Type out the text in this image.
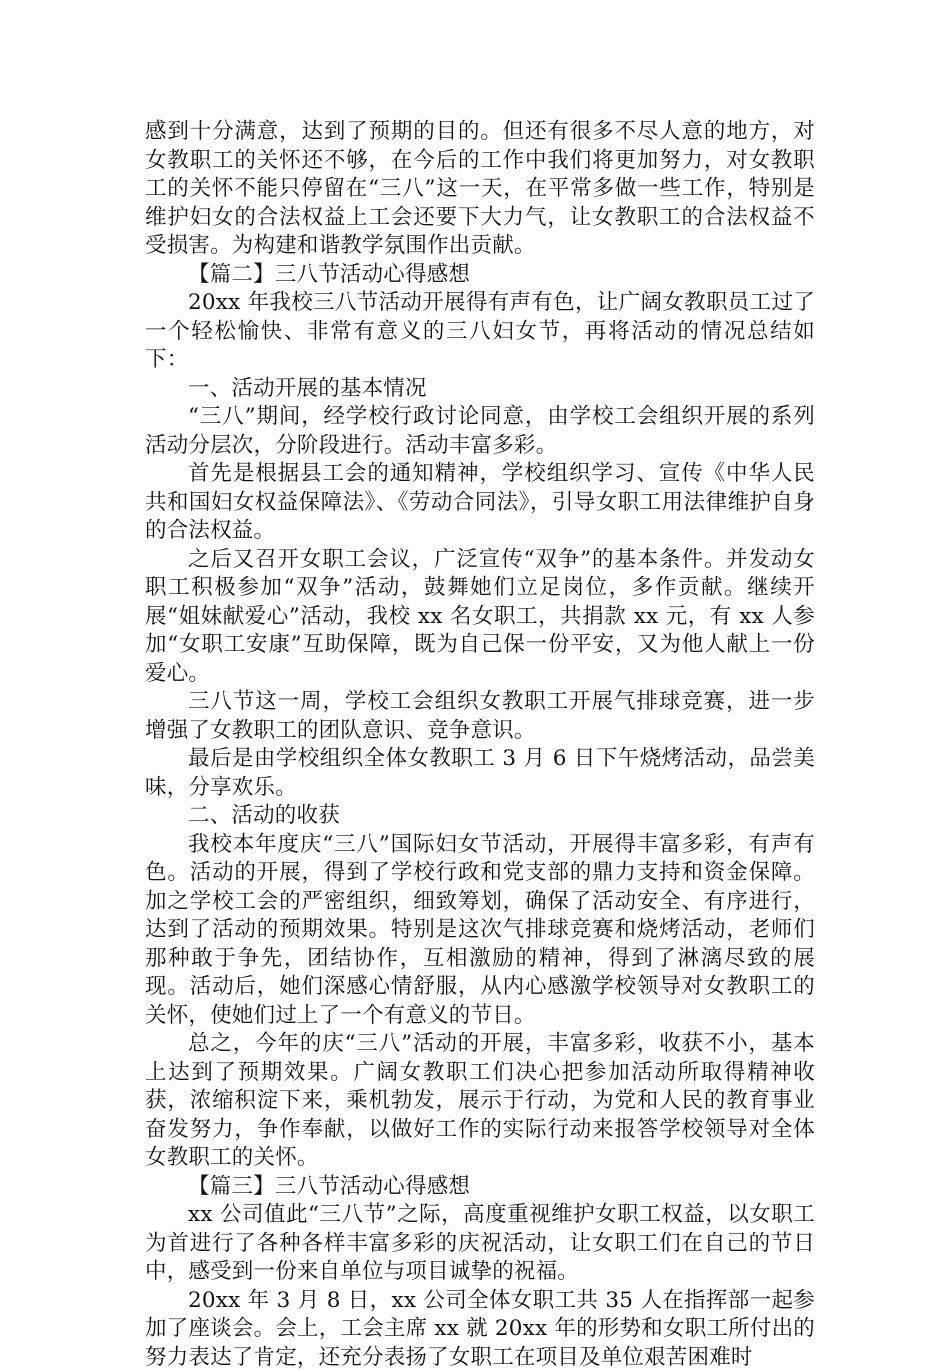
感到十分满意，达到了预期的目的。但还有很多不尽人意的地方，对女教职工的关怀还不够，在今后的工作中我们将更加努力，对女教职工的关怀不能只停留在“三八”这一天，在平常多做一些工作，特别是维护妇女的合法权益上工会还要下大力气，让女教职工的合法权益不受损害。为构建和谐教学氛围作出贡献。

【篇二】三八节活动心得感想

20xx 年我校三八节活动开展得有声有色，让广阔女教职员工过了一个轻松愉快、非常有意义的三八妇女节，再将活动的情况总结如下：

一、活动开展的基本情况

“三八”期间，经学校行政讨论同意，由学校工会组织开展的系列活动分层次，分阶段进行。活动丰富多彩。

首先是根据县工会的通知精神，学校组织学习、宣传《中华人民共和国妇女权益保障法》、《劳动合同法》，引导女职工用法律维护自身的合法权益。

之后又召开女职工会议，广泛宣传“双争”的基本条件。并发动女职工积极参加“双争”活动，鼓舞她们立足岗位，多作贡献。继续开展“姐妹献爱心”活动，我校 xx 名女职工，共捐款 xx 元，有 xx 人参加“女职工安康”互助保障，既为自己保一份平安，又为他人献上一份爱心。

三八节这一周，学校工会组织女教职工开展气排球竞赛，进一步增强了女教职工的团队意识、竞争意识。

最后是由学校组织全体女教职工 3 月 6 日下午烧烤活动，品尝美味，分享欢乐。

二、活动的收获

我校本年度庆“三八”国际妇女节活动，开展得丰富多彩，有声有色。活动的开展，得到了学校行政和党支部的鼎力支持和资金保障。加之学校工会的严密组织，细致筹划，确保了活动安全、有序进行，达到了活动的预期效果。特别是这次气排球竞赛和烧烤活动，老师们那种敢于争先，团结协作，互相激励的精神，得到了淋漓尽致的展现。活动后，她们深感心情舒服，从内心感激学校领导对女教职工的关怀，使她们过上了一个有意义的节日。

总之，今年的庆“三八”活动的开展，丰富多彩，收获不小，基本上达到了预期效果。广阔女教职工们决心把参加活动所取得精神收获，浓缩积淀下来，乘机勃发，展示于行动，为党和人民的教育事业奋发努力，争作奉献，以做好工作的实际行动来报答学校领导对全体女教职工的关怀。

【篇三】三八节活动心得感想

xx 公司值此“三八节”之际，高度重视维护女职工权益，以女职工为首进行了各种各样丰富多彩的庆祝活动，让女职工们在自己的节日中，感受到一份来自单位与项目诚挚的祝福。

20xx 年 3 月 8 日，xx 公司全体女职工共 35 人在指挥部一起参加了座谈会。会上，工会主席 xx 就 20xx 年的形势和女职工所付出的努力表达了肯定，还充分表扬了女职工在项目及单位艰苦困难时
